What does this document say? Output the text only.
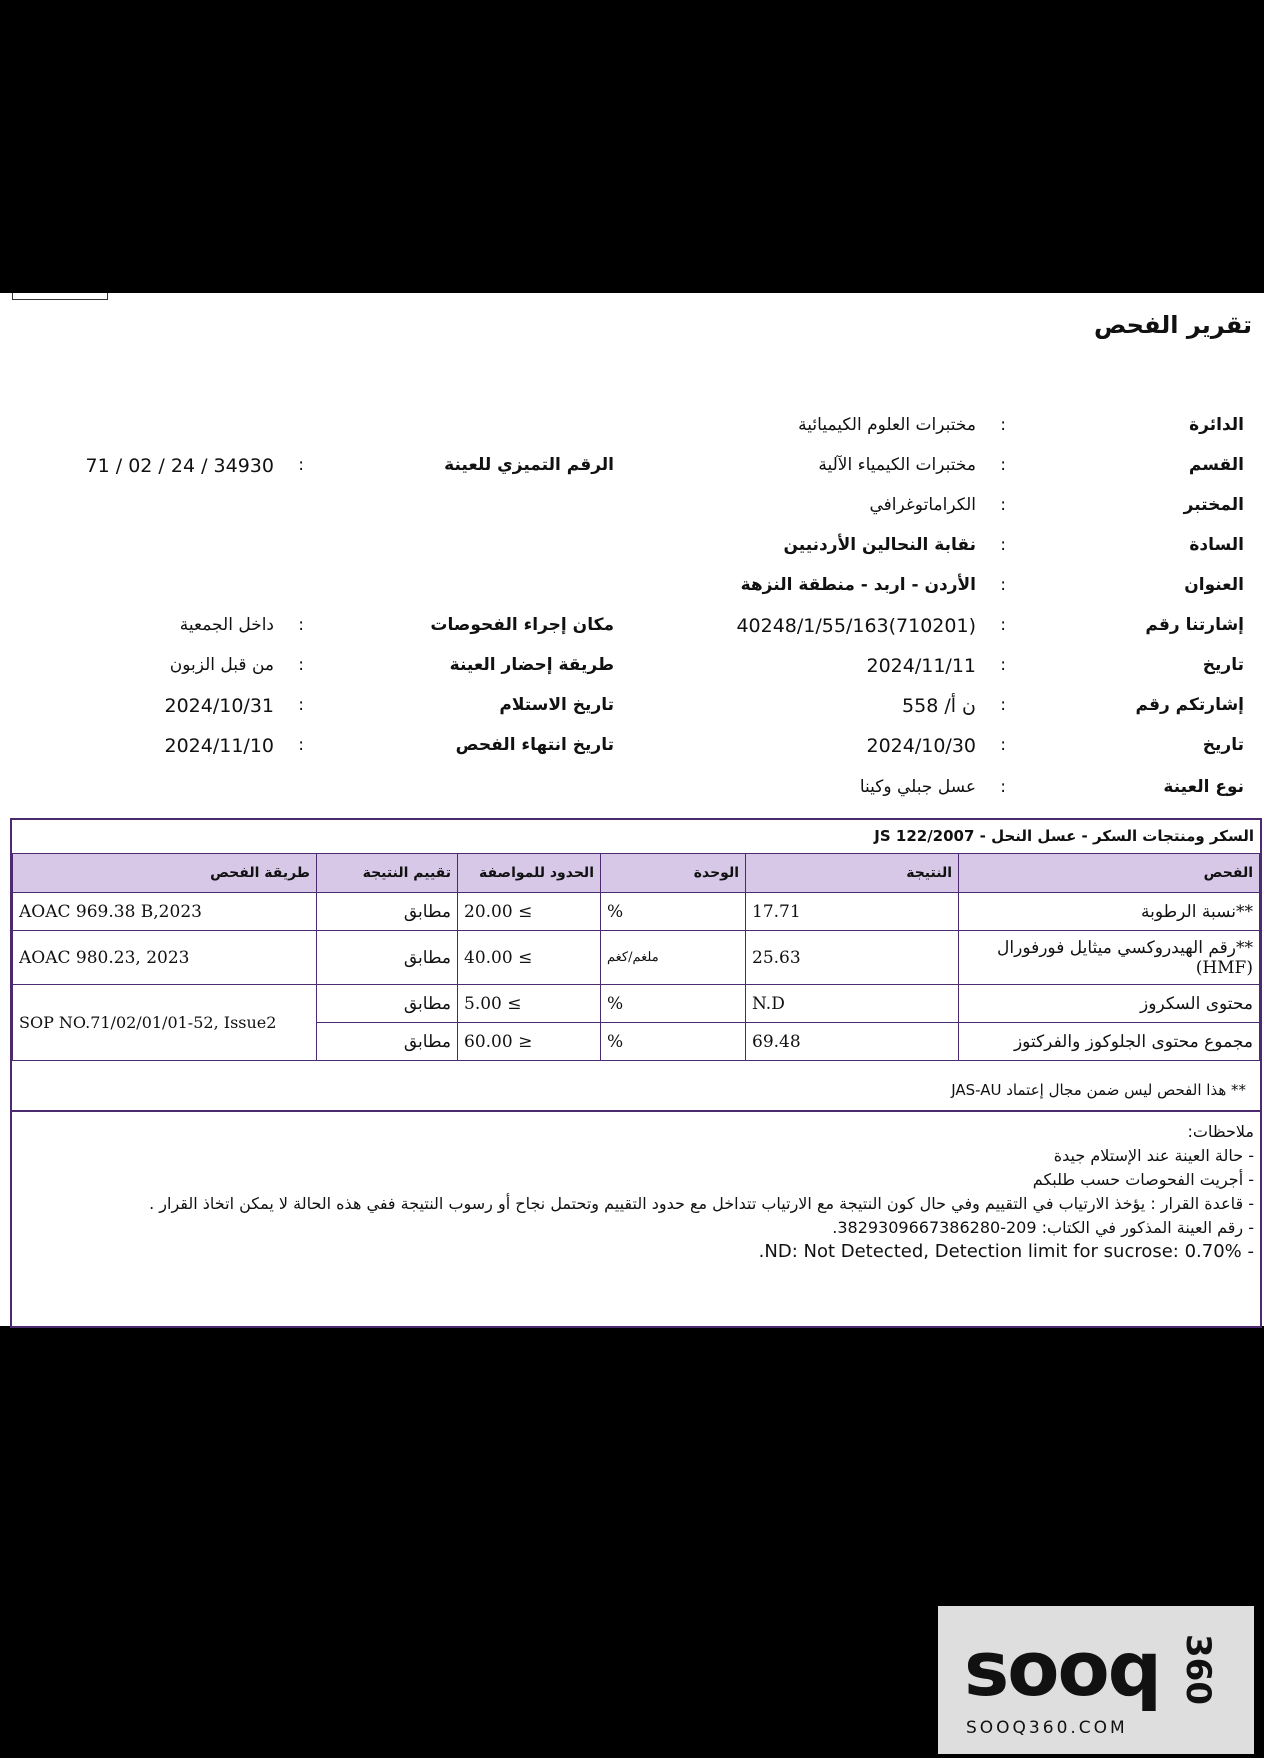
تقرير الفحص
الدائرة
:
مختبرات العلوم الكيميائية
القسم
:
مختبرات الكيمياء الآلية
الرقم التميزي للعينة
:
34930 / 24 / 02 / 71
المختبر
:
الكراماتوغرافي
السادة
:
نقابة النحالين الأردنيين
العنوان
:
الأردن - اربد - منطقة النزهة
إشارتنا رقم
:
40248/1/55/163(710201)
مكان إجراء الفحوصات
:
داخل الجمعية
تاريخ
:
2024/11/11
طريقة إحضار العينة
:
من قبل الزبون
إشارتكم رقم
:
ن أ/ 558
تاريخ الاستلام
:
2024/10/31
تاريخ
:
2024/10/30
تاريخ انتهاء الفحص
:
2024/11/10
نوع العينة
:
عسل جبلي وكينا
السكر ومنتجات السكر - عسل النحل - JS 122/2007
الفحص	النتيجة	الوحدة	الحدود للمواصفة	تقييم النتيجة	طريقة الفحص
**نسبة الرطوبة	17.71	%	≥ 20.00	مطابق	AOAC 969.38 B,2023
**رقم الهيدروكسي ميثايل فورفورال (HMF)	25.63	ملغم/كغم	≥ 40.00	مطابق	AOAC 980.23, 2023
محتوى السكروز	N.D	%	≥ 5.00	مطابق	SOP NO.71/02/01/01-52, Issue2
مجموع محتوى الجلوكوز والفركتوز	69.48	%	≤ 60.00	مطابق	
** هذا الفحص ليس ضمن مجال إعتماد JAS-AU
ملاحظات:
- حالة العينة عند الإستلام جيدة
- أجريت الفحوصات حسب طلبكم
- قاعدة القرار : يؤخذ الارتياب في التقييم وفي حال كون النتيجة مع الارتياب تتداخل مع حدود التقييم وتحتمل نجاح أو رسوب النتيجة ففي هذه الحالة لا يمكن اتخاذ القرار .
- رقم العينة المذكور في الكتاب: 209-3829309667386280.
- ND: Not Detected, Detection limit for sucrose: 0.70%.
sooq 360
SOOQ360.COM
